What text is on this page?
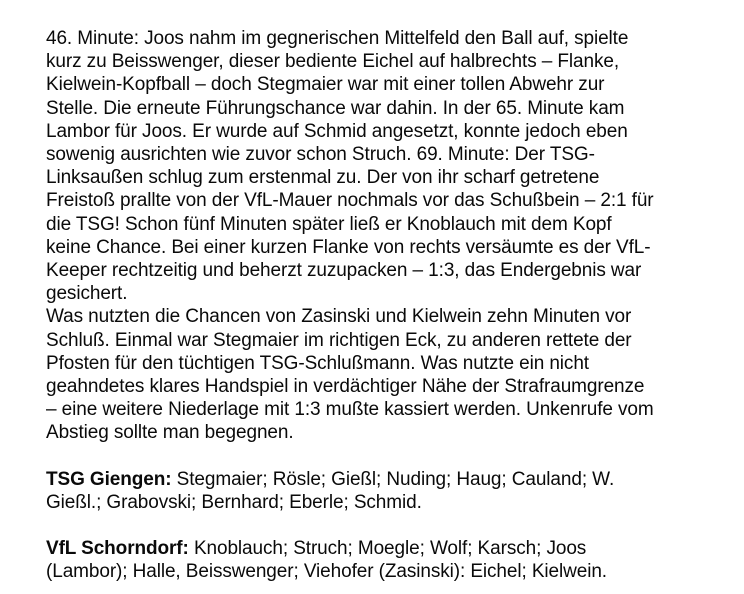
46. Minute: Joos nahm im gegnerischen Mittelfeld den Ball auf, spielte
kurz zu Beisswenger, dieser bediente Eichel auf halbrechts – Flanke,
Kielwein-Kopfball – doch Stegmaier war mit einer tollen Abwehr zur
Stelle. Die erneute Führungschance war dahin. In der 65. Minute kam
Lambor für Joos. Er wurde auf Schmid angesetzt, konnte jedoch eben
sowenig ausrichten wie zuvor schon Struch. 69. Minute: Der TSG-
Linksaußen schlug zum erstenmal zu. Der von ihr scharf getretene
Freistoß prallte von der VfL-Mauer nochmals vor das Schußbein – 2:1 für
die TSG! Schon fünf Minuten später ließ er Knoblauch mit dem Kopf
keine Chance. Bei einer kurzen Flanke von rechts versäumte es der VfL-
Keeper rechtzeitig und beherzt zuzupacken – 1:3, das Endergebnis war
gesichert.
Was nutzten die Chancen von Zasinski und Kielwein zehn Minuten vor
Schluß. Einmal war Stegmaier im richtigen Eck, zu anderen rettete der
Pfosten für den tüchtigen TSG-Schlußmann. Was nutzte ein nicht
geahndetes klares Handspiel in verdächtiger Nähe der Strafraumgrenze
– eine weitere Niederlage mit 1:3 mußte kassiert werden. Unkenrufe vom
Abstieg sollte man begegnen.
TSG Giengen: Stegmaier; Rösle; Gießl; Nuding; Haug; Cauland; W.
Gießl.; Grabovski; Bernhard; Eberle; Schmid.
VfL Schorndorf: Knoblauch; Struch; Moegle; Wolf; Karsch; Joos
(Lambor); Halle, Beisswenger; Viehofer (Zasinski): Eichel; Kielwein.
